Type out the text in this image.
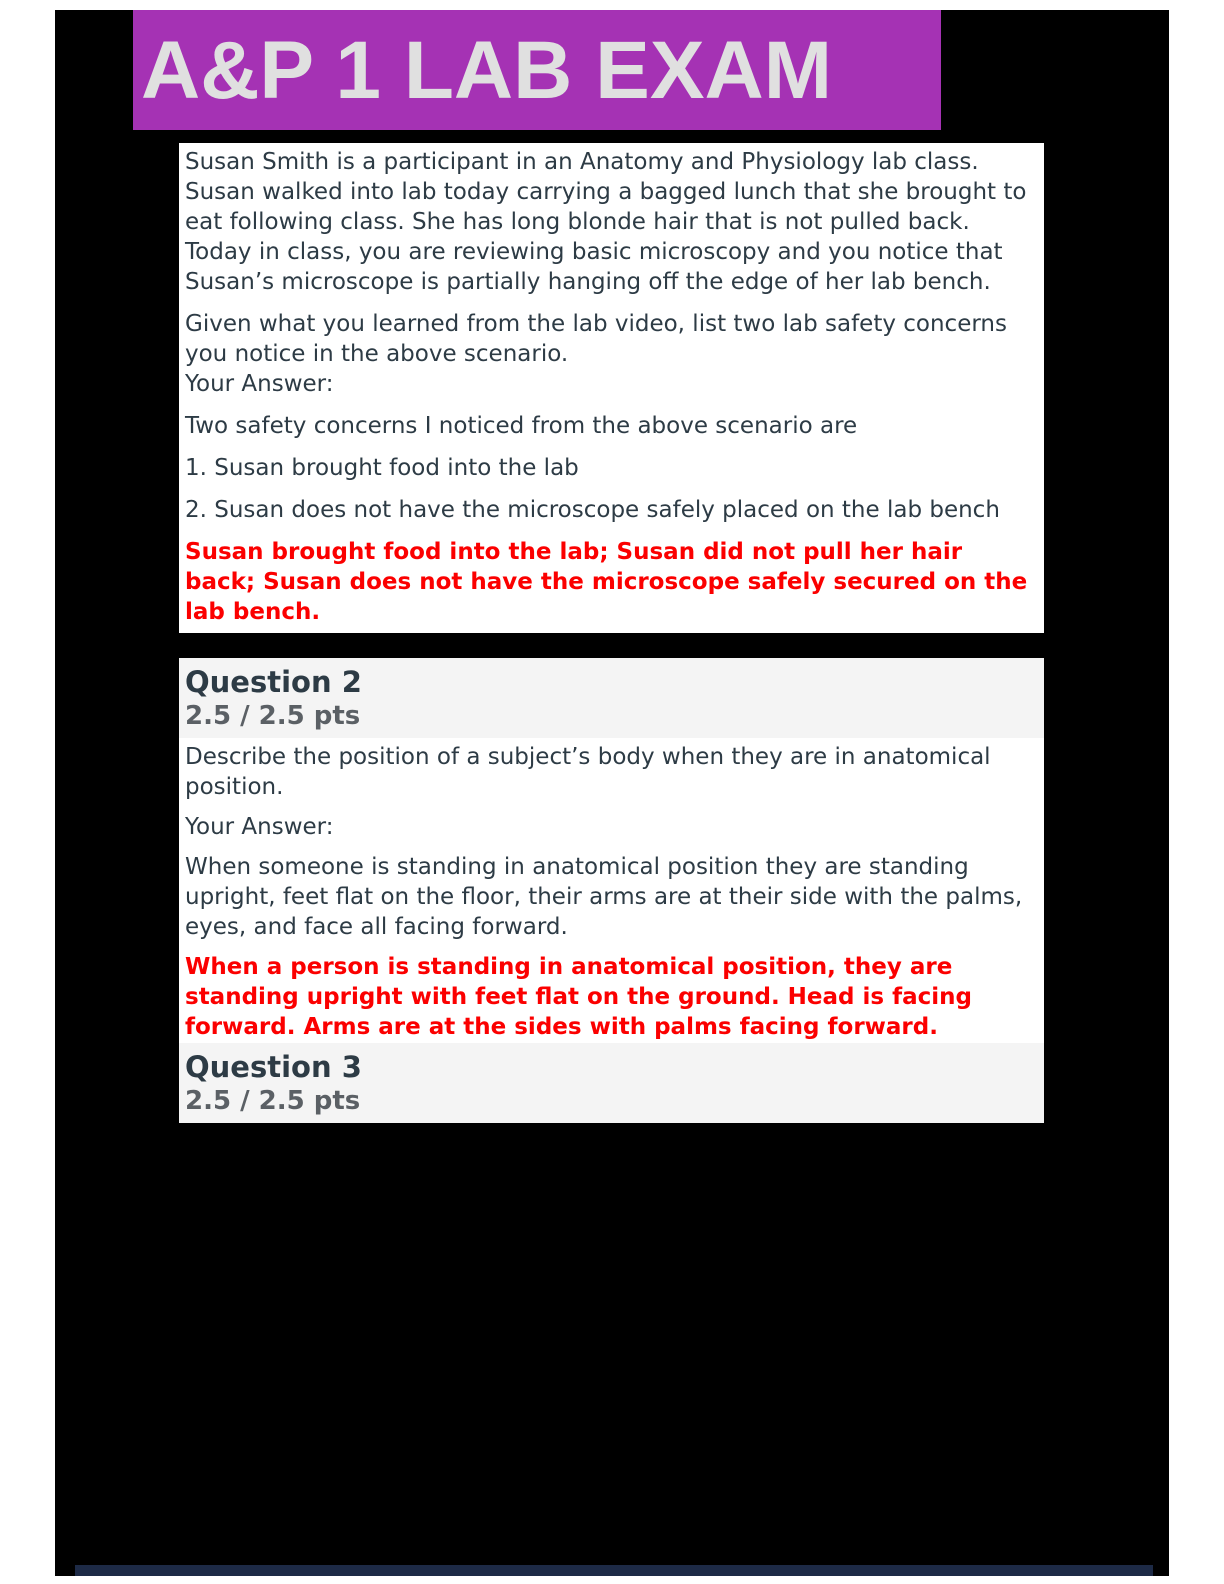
A&P 1 LAB EXAM

Susan Smith is a participant in an Anatomy and Physiology lab class. Susan walked into lab today carrying a bagged lunch that she brought to eat following class. She has long blonde hair that is not pulled back. Today in class, you are reviewing basic microscopy and you notice that Susan’s microscope is partially hanging off the edge of her lab bench.

Given what you learned from the lab video, list two lab safety concerns you notice in the above scenario.

Your Answer:

Two safety concerns I noticed from the above scenario are

1. Susan brought food into the lab

2. Susan does not have the microscope safely placed on the lab bench

Susan brought food into the lab; Susan did not pull her hair back; Susan does not have the microscope safely secured on the lab bench.

Question 2
2.5 / 2.5 pts

Describe the position of a subject’s body when they are in anatomical position.

Your Answer:

When someone is standing in anatomical position they are standing upright, feet flat on the floor, their arms are at their side with the palms, eyes, and face all facing forward.

When a person is standing in anatomical position, they are standing upright with feet flat on the ground. Head is facing forward. Arms are at the sides with palms facing forward.

Question 3
2.5 / 2.5 pts
